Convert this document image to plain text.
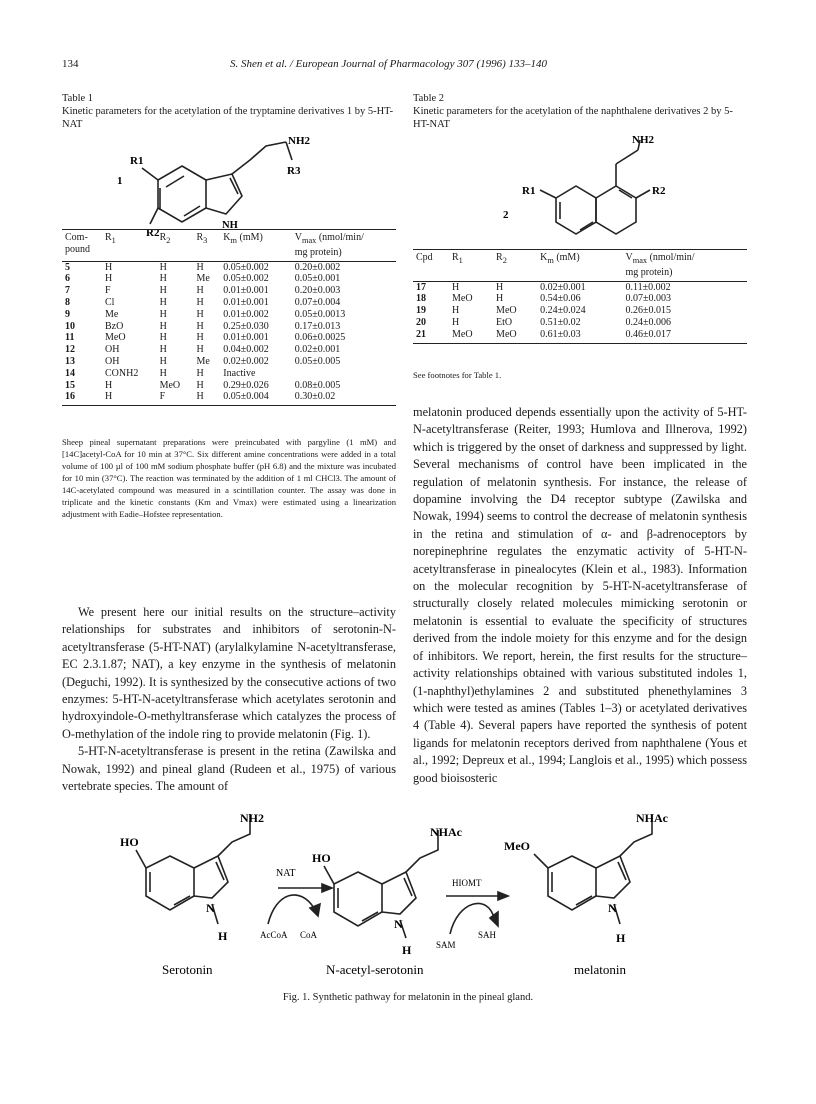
134	S. Shen et al. / European Journal of Pharmacology 307 (1996) 133–140
Table 1
Kinetic parameters for the acetylation of the tryptamine derivatives 1 by 5-HT-NAT
NH2
R3
R1
R2
NH
1
Com-
pound	$R_1$	$R_2$	$R_3$	$K_m$ (mM)	$V_{max}$ (nmol/min/
mg protein)

5	H	H	H	0.05±0.002	0.20±0.002
6	H	H	Me	0.05±0.002	0.05±0.001
7	F	H	H	0.01±0.001	0.20±0.003
8	Cl	H	H	0.01±0.001	0.07±0.004
9	Me	H	H	0.01±0.002	0.05±0.0013
10	BzO	H	H	0.25±0.030	0.17±0.013
11	MeO	H	H	0.01±0.001	0.06±0.0025
12	OH	H	H	0.04±0.002	0.02±0.001
13	OH	H	Me	0.02±0.002	0.05±0.005
14	CONH2	H	H	Inactive	
15	H	MeO	H	0.29±0.026	0.08±0.005
16	H	F	H	0.05±0.004	0.30±0.02
Sheep pineal supernatant preparations were preincubated with pargyline (1 mM) and [14C]acetyl-CoA for 10 min at 37°C. Six different amine concentrations were added in a total volume of 100 µl of 100 mM sodium phosphate buffer (pH 6.8) and the mixture was incubated for 10 min (37°C). The reaction was terminated by the addition of 1 ml CHCl3. The amount of 14C-acetylated compound was measured in a scintillation counter. The assay was done in triplicate and the kinetic constants (Km and Vmax) were estimated using a linearization adjustment with Eadie–Hofstee representation.
Table 2
Kinetic parameters for the acetylation of the naphthalene derivatives 2 by 5-HT-NAT
NH2
R1	R2
2
Cpd	$R_1$	$R_2$	$K_m$ (mM)	$V_{max}$ (nmol/min/
mg protein)

17	H	H	0.02±0.001	0.11±0.002
18	MeO	H	0.54±0.06	0.07±0.003
19	H	MeO	0.24±0.024	0.26±0.015
20	H	EtO	0.51±0.02	0.24±0.006
21	MeO	MeO	0.61±0.03	0.46±0.017
See footnotes for Table 1.

We present here our initial results on the structure–activity relationships for substrates and inhibitors of serotonin-N-acetyltransferase (5-HT-NAT) (arylalkylamine N-acetyltransferase, EC 2.3.1.87; NAT), a key enzyme in the synthesis of melatonin (Deguchi, 1992). It is synthesized by the consecutive actions of two enzymes: 5-HT-N-acetyltransferase which acetylates serotonin and hydroxyindole-O-methyltransferase which catalyzes the process of O-methylation of the indole ring to provide melatonin (Fig. 1).

5-HT-N-acetyltransferase is present in the retina (Zawilska and Nowak, 1992) and pineal gland (Rudeen et al., 1975) of various vertebrate species. The amount of

melatonin produced depends essentially upon the activity of 5-HT-N-acetyltransferase (Reiter, 1993; Humlova and Illnerova, 1992) which is triggered by the onset of darkness and suppressed by light. Several mechanisms of control have been implicated in the regulation of melatonin synthesis. For instance, the release of dopamine involving the D4 receptor subtype (Zawilska and Nowak, 1994) seems to control the decrease of melatonin synthesis in the retina and stimulation of α- and β-adrenoceptors by norepinephrine regulates the enzymatic activity of 5-HT-N-acetyltransferase in pinealocytes (Klein et al., 1983). Information on the molecular recognition by 5-HT-N-acetyltransferase of structurally closely related molecules mimicking serotonin or melatonin is essential to evaluate the specificity of structures derived from the indole moiety for this enzyme and for the design of inhibitors. We report, herein, the first results for the structure–activity relationships obtained with various substituted indoles 1, (1-naphthyl)ethylamines 2 and substituted phenethylamines 3 which were tested as amines (Tables 1–3) or acetylated derivatives 4 (Table 4). Several papers have reported the synthesis of potent ligands for melatonin receptors derived from naphthalene (Yous et al., 1992; Depreux et al., 1994; Langlois et al., 1995) which possess good bioisosteric

NH2
HO
N
H
Serotonin
NAT
AcCoA CoA
NHAc
HO
N
H
N-acetyl-serotonin
HIOMT
SAM
SAH
NHAc
MeO
N
H
melatonin
Fig. 1. Synthetic pathway for melatonin in the pineal gland.
